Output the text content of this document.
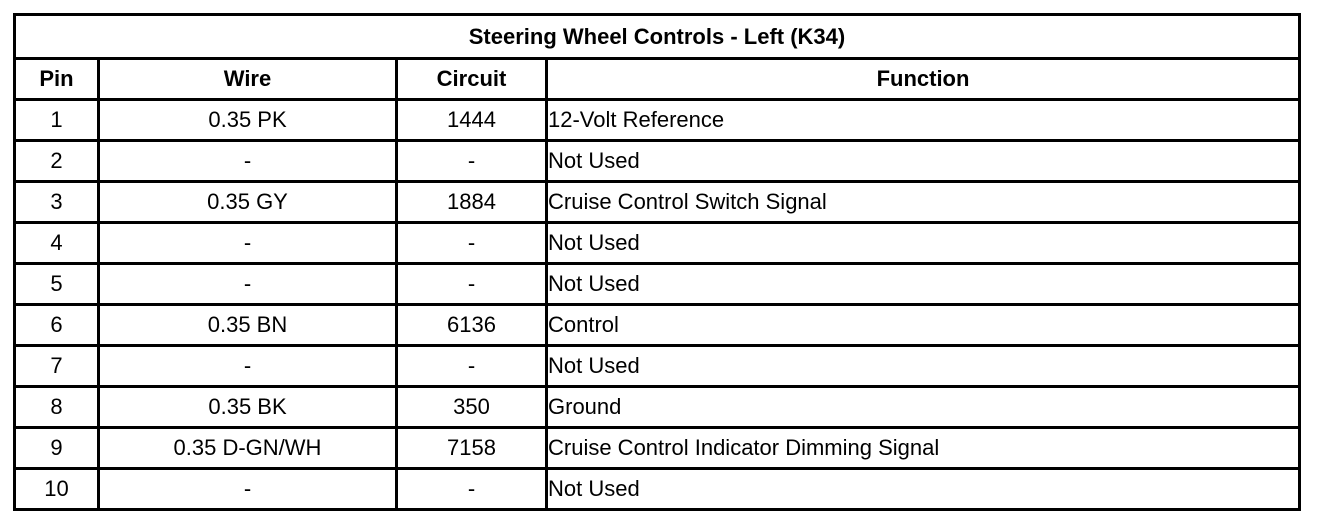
Steering Wheel Controls - Left (K34)			
Pin	Wire	Circuit	Function
1	0.35 PK	1444	12-Volt Reference
2	-	-	Not Used
3	0.35 GY	1884	Cruise Control Switch Signal
4	-	-	Not Used
5	-	-	Not Used
6	0.35 BN	6136	Control
7	-	-	Not Used
8	0.35 BK	350	Ground
9	0.35 D-GN/WH	7158	Cruise Control Indicator Dimming Signal
10	-	-	Not Used
